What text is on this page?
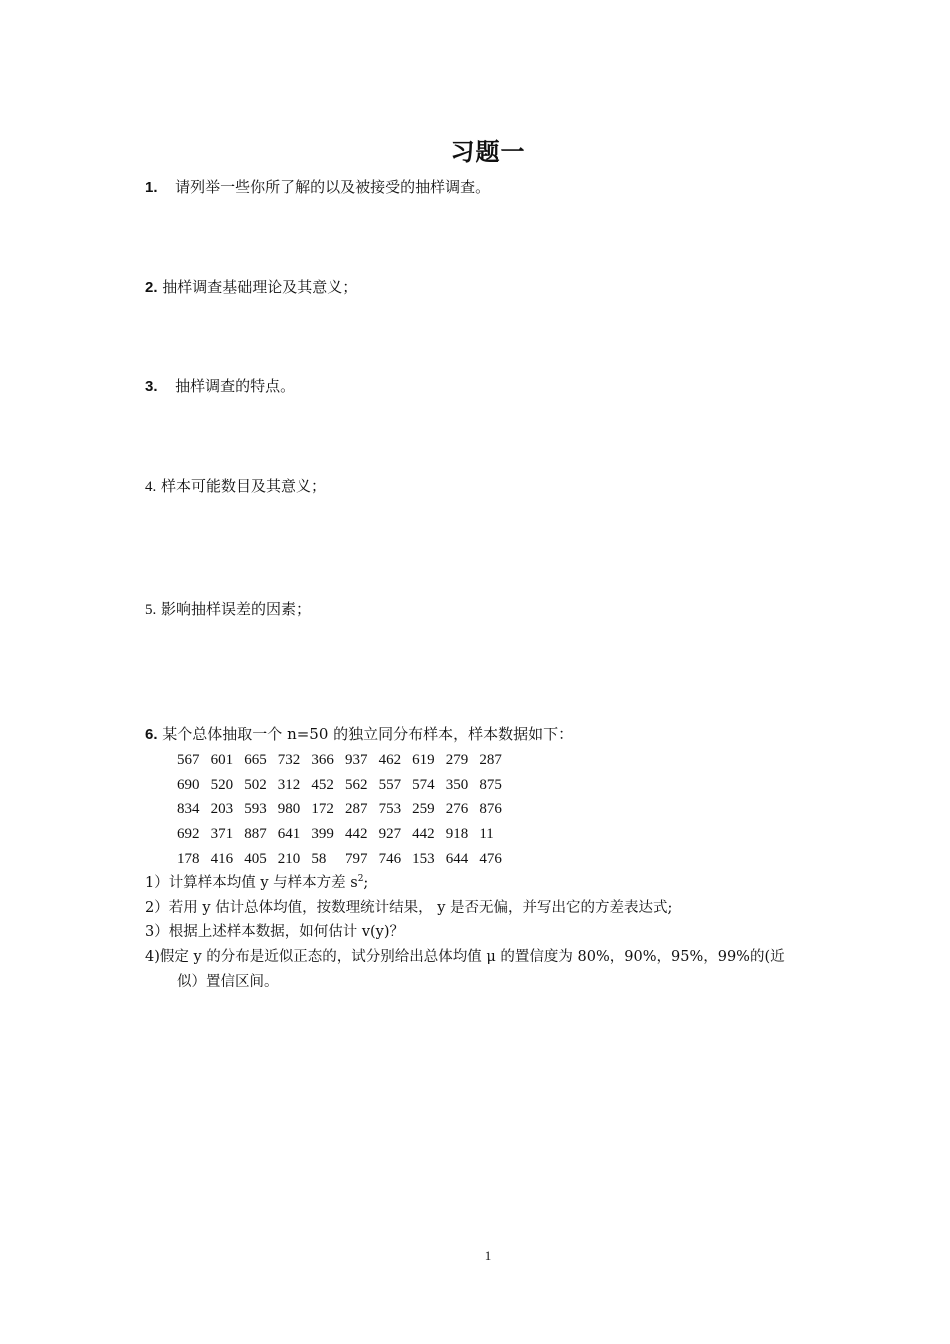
习题一
1. 请列举一些你所了解的以及被接受的抽样调查。
2. 抽样调查基础理论及其意义；
3. 抽样调查的特点。
4. 样本可能数目及其意义；
5. 影响抽样误差的因素；
6. 某个总体抽取一个 n=50 的独立同分布样本，样本数据如下：
567 601 665 732 366 937 462 619 279 287
690 520 502 312 452 562 557 574 350 875
834 203 593 980 172 287 753 259 276 876
692 371 887 641 399 442 927 442 918 11
178 416 405 210 58	797 746 153 644 476
1）计算样本均值 y 与样本方差 $s^2$;
2）若用 y 估计总体均值，按数理统计结果， y 是否无偏，并写出它的方差表达式;
3）根据上述样本数据，如何估计 v(y)？
4)假定 y 的分布是近似正态的，试分别给出总体均值 μ 的置信度为 80%，90%，95%，99%的(近
似）置信区间。
1
